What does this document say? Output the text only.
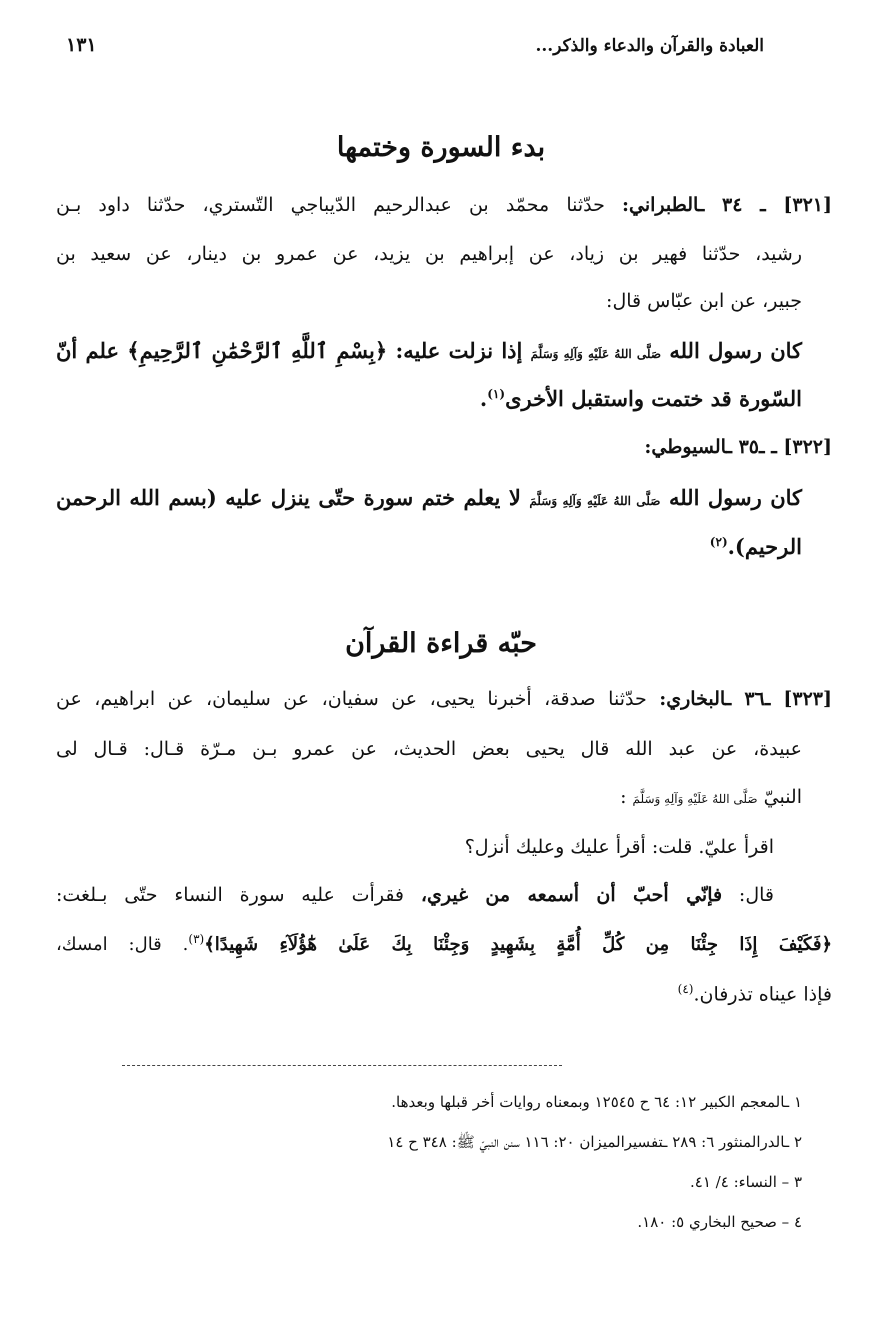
العبادة والقرآن والدعاء والذكر...
١٣١
بدء السورة وختمها
[٣٢١] ـ ٣٤ ـالطبراني: حدّثنا محمّد بن عبدالرحيم الدّيباجي التّستري، حدّثنا داود بـن
رشيد، حدّثنا فهير بن زياد، عن إبراهيم بن يزيد، عن عمرو بن دينار، عن سعيد بن
جبير، عن ابن عبّاس قال:
كان رسول الله صَلَّى اللهُ عَلَيْهِ وَآلِهِ وَسَلَّمَ إذا نزلت عليه: ﴿بِسْمِ ٱللَّهِ ٱلرَّحْمَٰنِ ٱلرَّحِيمِ﴾ علم أنّ
السّورة قد ختمت واستقبل الأخرى$^{(١)}$.
[٣٢٢] ـ ـ٣٥ ـالسيوطي:
كان رسول الله صَلَّى اللهُ عَلَيْهِ وَآلِهِ وَسَلَّمَ لا يعلم ختم سورة حتّى ينزل عليه (بسم الله الرحمن
الرحيم).$^{(٢)}$
حبّه قراءة القرآن
[٣٢٣] ـ٣٦ ـالبخاري: حدّثنا صدقة، أخبرنا يحيى، عن سفيان، عن سليمان، عن ابراهيم، عن
عبيدة، عن عبد الله قال يحيى بعض الحديث، عن عمرو بـن مـرّة قـال: قـال لى
النبيّ صَلَّى اللهُ عَلَيْهِ وَآلِهِ وَسَلَّمَ :
اقرأ عليّ. قلت: أقرأ عليك وعليك أنزل؟
قال: فإنّي أحبّ أن أسمعه من غيري، فقرأت عليه سورة النساء حتّى بـلغت:
﴿فَكَيْفَ إِذَا جِئْنَا مِن كُلِّ أُمَّةٍ بِشَهِيدٍ وَجِئْنَا بِكَ عَلَىٰ هَٰٓؤُلَآءِ شَهِيدًا﴾$^{(٣)}$. قال: امسك،
فإذا عيناه تذرفان.$^{(٤)}$
١ ـالمعجم الكبير ١٢: ٦٤ ح ١٢٥٤٥ وبمعناه روايات أخر قبلها وبعدها.
٢ ـالدرالمنثور ٦: ٢٨٩ ـتفسيرالميزان ٢٠: ١١٦ سنن النبيّ ﷺ: ٣٤٨ ح ١٤
٣ – النساء: ٤/ ٤١.
٤ – صحيح البخاري ٥: ١٨٠.
